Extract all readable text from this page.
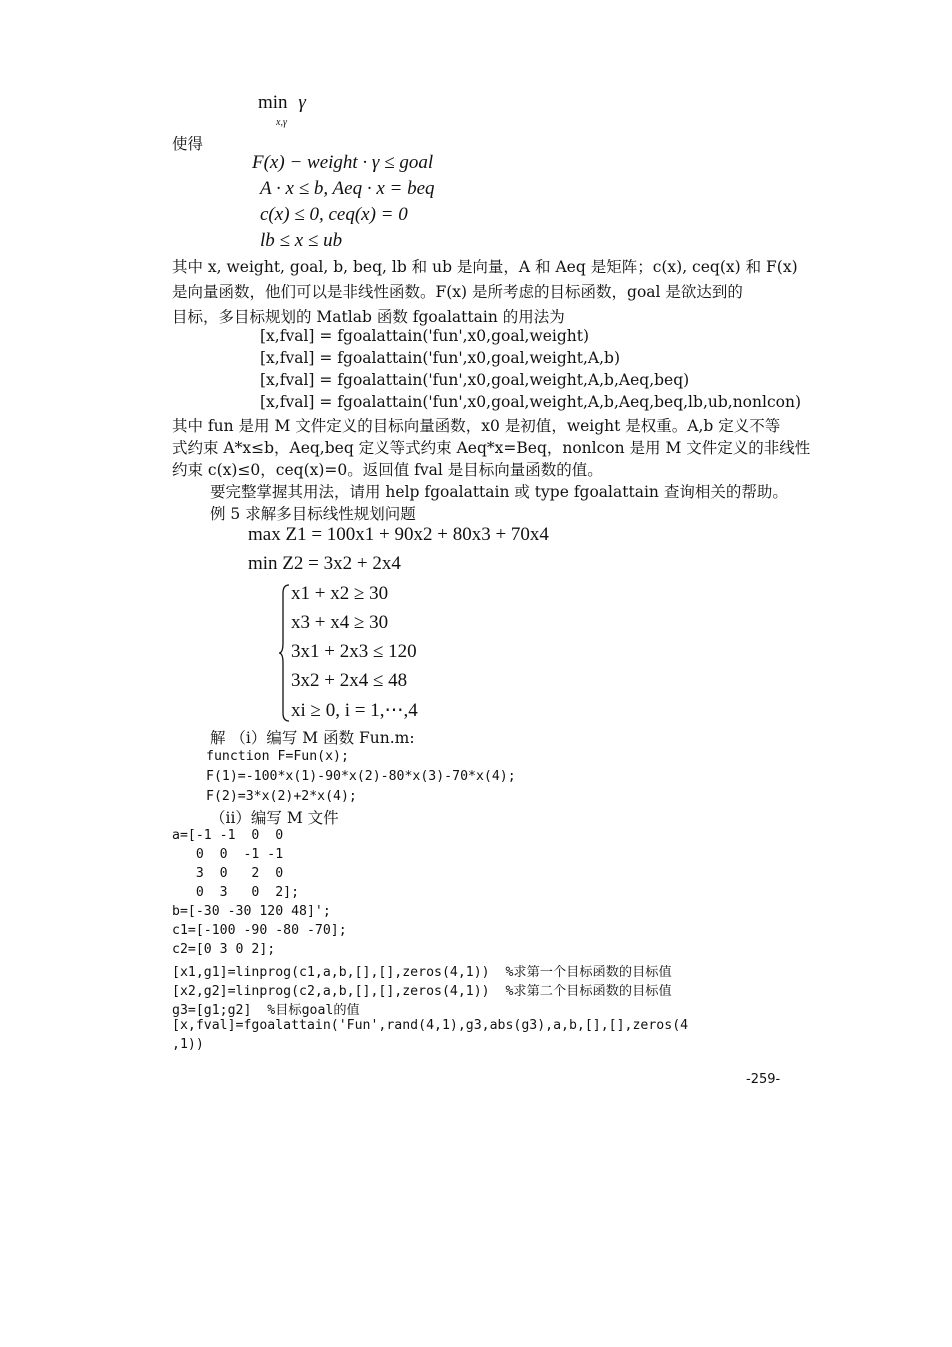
min γ
x,γ
使得
F(x) − weight · γ ≤ goal
A · x ≤ b, Aeq · x = beq
c(x) ≤ 0, ceq(x) = 0
lb ≤ x ≤ ub
其中 x, weight, goal, b, beq, lb 和 ub 是向量，A 和 Aeq 是矩阵；c(x), ceq(x) 和 F(x)
是向量函数，他们可以是非线性函数。F(x) 是所考虑的目标函数，goal 是欲达到的
目标，多目标规划的 Matlab 函数 fgoalattain 的用法为
[x,fval] = fgoalattain('fun',x0,goal,weight)
[x,fval] = fgoalattain('fun',x0,goal,weight,A,b)
[x,fval] = fgoalattain('fun',x0,goal,weight,A,b,Aeq,beq)
[x,fval] = fgoalattain('fun',x0,goal,weight,A,b,Aeq,beq,lb,ub,nonlcon)
其中 fun 是用 M 文件定义的目标向量函数，x0 是初值，weight 是权重。A,b 定义不等
式约束 A*x≤b，Aeq,beq 定义等式约束 Aeq*x=Beq，nonlcon 是用 M 文件定义的非线性
约束 c(x)≤0，ceq(x)=0。返回值 fval 是目标向量函数的值。
要完整掌握其用法，请用 help fgoalattain 或 type fgoalattain 查询相关的帮助。
例 5 求解多目标线性规划问题
max Z1 = 100x1 + 90x2 + 80x3 + 70x4
min Z2 = 3x2 + 2x4
x1 + x2 ≥ 30
x3 + x4 ≥ 30
3x1 + 2x3 ≤ 120
3x2 + 2x4 ≤ 48
xi ≥ 0, i = 1,⋯,4
解 （i）编写 M 函数 Fun.m:
function F=Fun(x);
F(1)=-100*x(1)-90*x(2)-80*x(3)-70*x(4);
F(2)=3*x(2)+2*x(4);
（ii）编写 M 文件
a=[-1 -1  0  0
0  0  -1 -1
3  0   2  0
0  3   0  2];
b=[-30 -30 120 48]';
c1=[-100 -90 -80 -70];
c2=[0 3 0 2];
[x1,g1]=linprog(c1,a,b,[],[],zeros(4,1))  %求第一个目标函数的目标值
[x2,g2]=linprog(c2,a,b,[],[],zeros(4,1))  %求第二个目标函数的目标值
g3=[g1;g2]  %目标goal的值
[x,fval]=fgoalattain('Fun',rand(4,1),g3,abs(g3),a,b,[],[],zeros(4
,1))
-259-
